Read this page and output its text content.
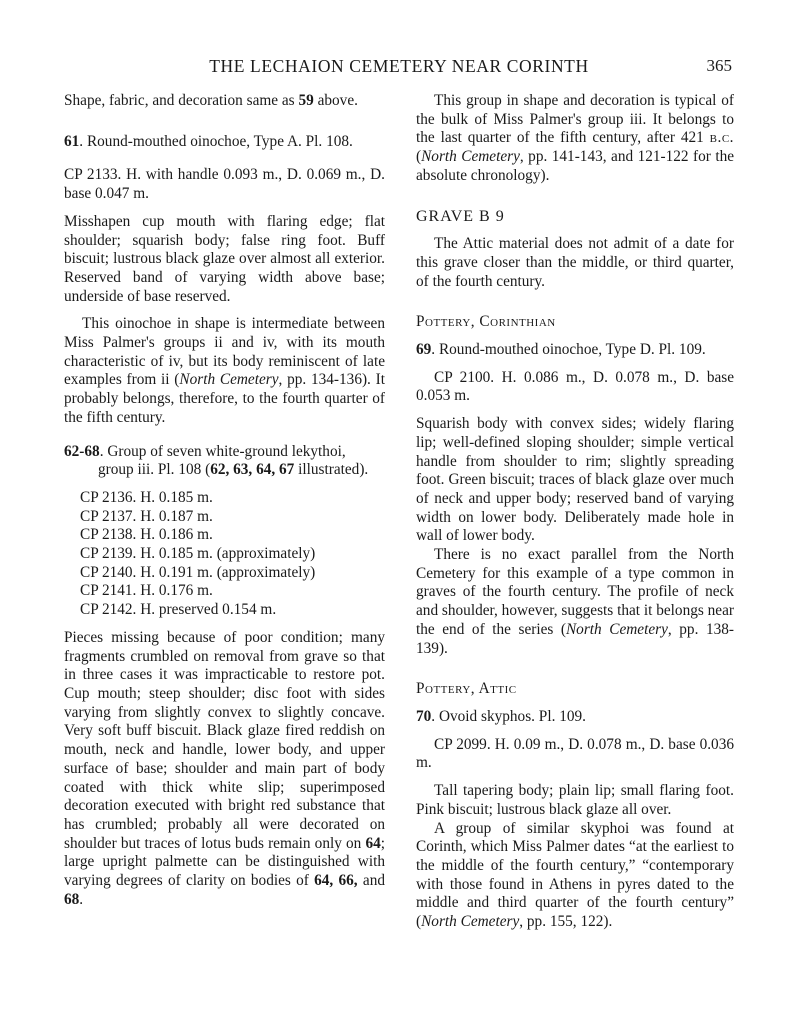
THE LECHAION CEMETERY NEAR CORINTH	365

Shape, fabric, and decoration same as 59 above.

61. Round-mouthed oinochoe, Type A. Pl. 108.

CP 2133. H. with handle 0.093 m., D. 0.069 m., D. base 0.047 m.

Misshapen cup mouth with flaring edge; flat shoulder; squarish body; false ring foot. Buff biscuit; lustrous black glaze over almost all exterior. Reserved band of varying width above base; underside of base reserved.

This oinochoe in shape is intermediate between Miss Palmer's groups ii and iv, with its mouth characteristic of iv, but its body reminiscent of late examples from ii (North Cemetery, pp. 134-136). It probably belongs, therefore, to the fourth quarter of the fifth century.

62-68. Group of seven white-ground lekythoi, group iii. Pl. 108 (62, 63, 64, 67 illustrated).

CP 2136. H. 0.185 m.
CP 2137. H. 0.187 m.
CP 2138. H. 0.186 m.
CP 2139. H. 0.185 m. (approximately)
CP 2140. H. 0.191 m. (approximately)
CP 2141. H. 0.176 m.
CP 2142. H. preserved 0.154 m.

Pieces missing because of poor condition; many fragments crumbled on removal from grave so that in three cases it was impracticable to restore pot. Cup mouth; steep shoulder; disc foot with sides varying from slightly convex to slightly concave. Very soft buff biscuit. Black glaze fired reddish on mouth, neck and handle, lower body, and upper surface of base; shoulder and main part of body coated with thick white slip; superimposed decoration executed with bright red substance that has crumbled; probably all were decorated on shoulder but traces of lotus buds remain only on 64; large upright palmette can be distinguished with varying degrees of clarity on bodies of 64, 66, and 68.

This group in shape and decoration is typical of the bulk of Miss Palmer's group iii. It belongs to the last quarter of the fifth century, after 421 b.c. (North Cemetery, pp. 141-143, and 121-122 for the absolute chronology).

GRAVE B 9

The Attic material does not admit of a date for this grave closer than the middle, or third quarter, of the fourth century.

Pottery, Corinthian

69. Round-mouthed oinochoe, Type D. Pl. 109.

CP 2100. H. 0.086 m., D. 0.078 m., D. base 0.053 m.

Squarish body with convex sides; widely flaring lip; well-defined sloping shoulder; simple vertical handle from shoulder to rim; slightly spreading foot. Green biscuit; traces of black glaze over much of neck and upper body; reserved band of varying width on lower body. Deliberately made hole in wall of lower body.

There is no exact parallel from the North Cemetery for this example of a type common in graves of the fourth century. The profile of neck and shoulder, however, suggests that it belongs near the end of the series (North Cemetery, pp. 138-139).

Pottery, Attic

70. Ovoid skyphos. Pl. 109.

CP 2099. H. 0.09 m., D. 0.078 m., D. base 0.036 m.

Tall tapering body; plain lip; small flaring foot. Pink biscuit; lustrous black glaze all over.

A group of similar skyphoi was found at Corinth, which Miss Palmer dates “at the earliest to the middle of the fourth century,” “contemporary with those found in Athens in pyres dated to the middle and third quarter of the fourth century” (North Cemetery, pp. 155, 122).
